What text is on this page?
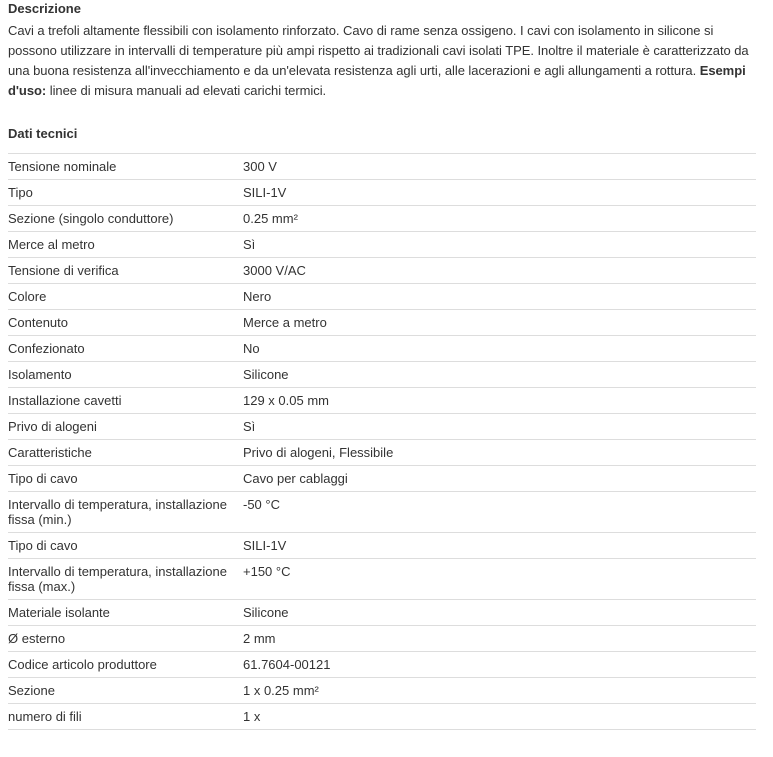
Descrizione

Cavi a trefoli altamente flessibili con isolamento rinforzato. Cavo di rame senza ossigeno. I cavi con isolamento in silicone si possono utilizzare in intervalli di temperature più ampi rispetto ai tradizionali cavi isolati TPE. Inoltre il materiale è caratterizzato da una buona resistenza all'invecchiamento e da un'elevata resistenza agli urti, alle lacerazioni e agli allungamenti a rottura. Esempi d'uso: linee di misura manuali ad elevati carichi termici.

Dati tecnici
Tensione nominale	300 V
Tipo	SILI-1V
Sezione (singolo conduttore)	0.25 mm²
Merce al metro	Sì
Tensione di verifica	3000 V/AC
Colore	Nero
Contenuto	Merce a metro
Confezionato	No
Isolamento	Silicone
Installazione cavetti	129 x 0.05 mm
Privo di alogeni	Sì
Caratteristiche	Privo di alogeni, Flessibile
Tipo di cavo	Cavo per cablaggi
Intervallo di temperatura, installazione fissa (min.)	-50 °C
Tipo di cavo	SILI-1V
Intervallo di temperatura, installazione fissa (max.)	+150 °C
Materiale isolante	Silicone
Ø esterno	2 mm
Codice articolo produttore	61.7604-00121
Sezione	1 x 0.25 mm²
numero di fili	1 x
